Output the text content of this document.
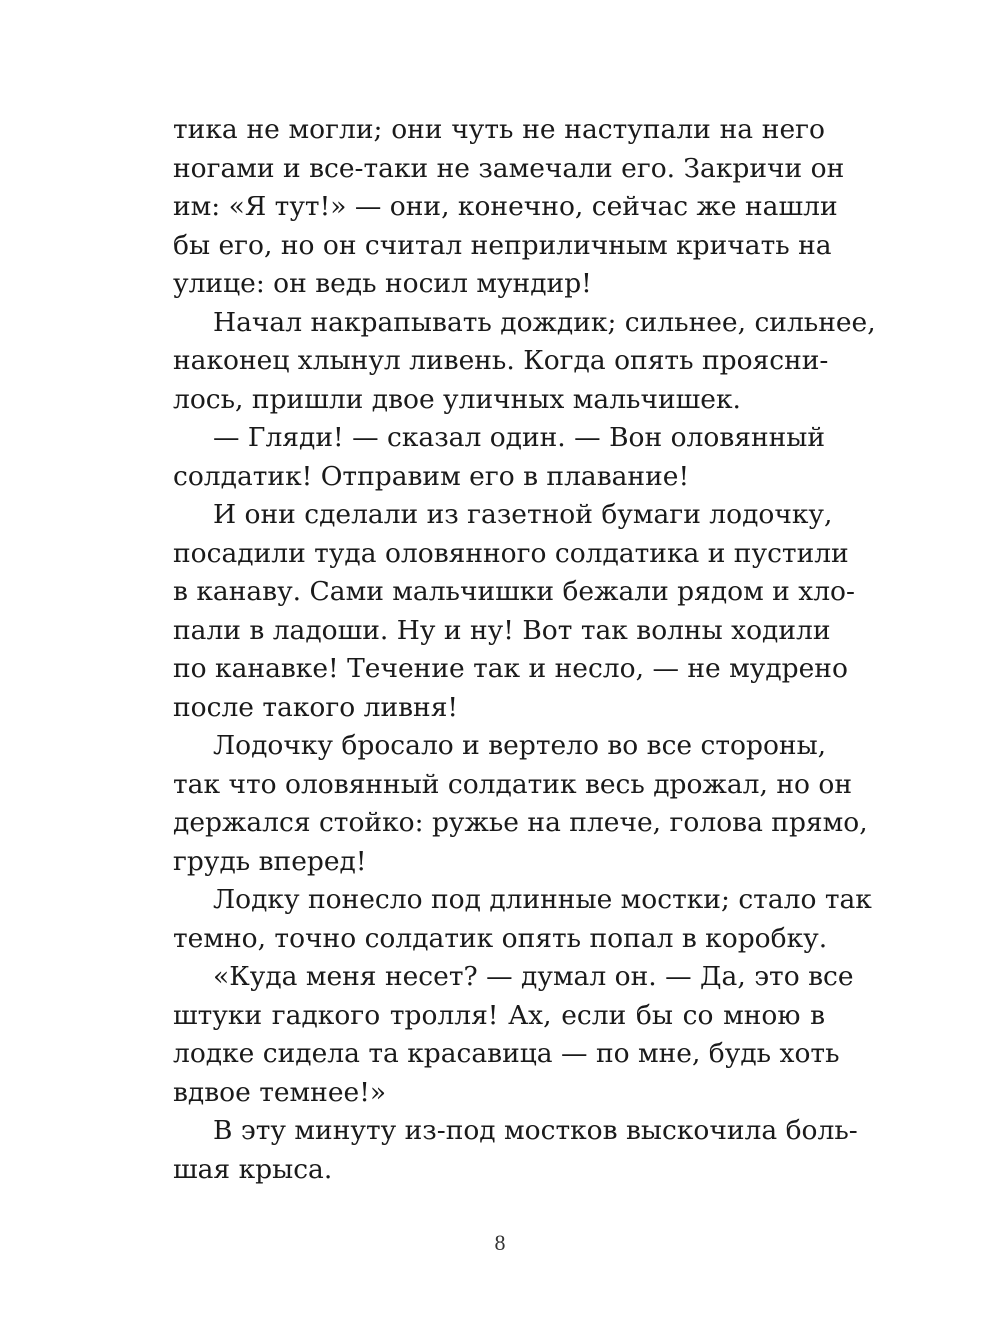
тика не могли; они чуть не наступали на него
ногами и все-таки не замечали его. Закричи он
им: «Я тут!» — они, конечно, сейчас же нашли
бы его, но он считал неприличным кричать на
улице: он ведь носил мундир!
Начал накрапывать дождик; сильнее, сильнее,
наконец хлынул ливень. Когда опять проясни-
лось, пришли двое уличных мальчишек.
— Гляди! — сказал один. — Вон оловянный
солдатик! Отправим его в плавание!
И они сделали из газетной бумаги лодочку,
посадили туда оловянного солдатика и пустили
в канаву. Сами мальчишки бежали рядом и хло-
пали в ладоши. Ну и ну! Вот так волны ходили
по канавке! Течение так и несло, — не мудрено
после такого ливня!
Лодочку бросало и вертело во все стороны,
так что оловянный солдатик весь дрожал, но он
держался стойко: ружье на плече, голова прямо,
грудь вперед!
Лодку понесло под длинные мостки; стало так
темно, точно солдатик опять попал в коробку.
«Куда меня несет? — думал он. — Да, это все
штуки гадкого тролля! Ах, если бы со мною в
лодке сидела та красавица — по мне, будь хоть
вдвое темнее!»
В эту минуту из-под мостков выскочила боль-
шая крыса.
8
